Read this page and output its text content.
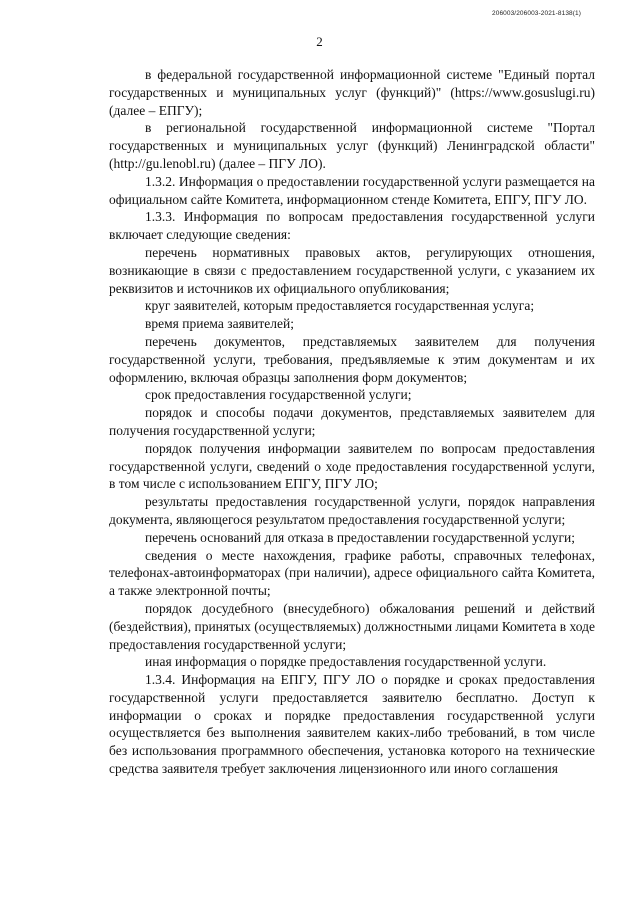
206003/206003-2021-8138(1)
2

в федеральной государственной информационной системе "Единый портал государственных и муниципальных услуг (функций)" (https://www.gosuslugi.ru) (далее – ЕПГУ);

в региональной государственной информационной системе "Портал государственных и муниципальных услуг (функций) Ленинградской области" (http://gu.lenobl.ru) (далее – ПГУ ЛО).

1.3.2. Информация о предоставлении государственной услуги размещается на официальном сайте Комитета, информационном стенде Комитета, ЕПГУ, ПГУ ЛО.

1.3.3. Информация по вопросам предоставления государственной услуги включает следующие сведения:

перечень нормативных правовых актов, регулирующих отношения, возникающие в связи с предоставлением государственной услуги, с указанием их реквизитов и источников их официального опубликования;

круг заявителей, которым предоставляется государственная услуга;

время приема заявителей;

перечень документов, представляемых заявителем для получения государственной услуги, требования, предъявляемые к этим документам и их оформлению, включая образцы заполнения форм документов;

срок предоставления государственной услуги;

порядок и способы подачи документов, представляемых заявителем для получения государственной услуги;

порядок получения информации заявителем по вопросам предоставления государственной услуги, сведений о ходе предоставления государственной услуги, в том числе с использованием ЕПГУ, ПГУ ЛО;

результаты предоставления государственной услуги, порядок направления документа, являющегося результатом предоставления государственной услуги;

перечень оснований для отказа в предоставлении государственной услуги;

сведения о месте нахождения, графике работы, справочных телефонах, телефонах-автоинформаторах (при наличии), адресе официального сайта Комитета, а также электронной почты;

порядок досудебного (внесудебного) обжалования решений и действий (бездействия), принятых (осуществляемых) должностными лицами Комитета в ходе предоставления государственной услуги;

иная информация о порядке предоставления государственной услуги.

1.3.4. Информация на ЕПГУ, ПГУ ЛО о порядке и сроках предоставления государственной услуги предоставляется заявителю бесплатно. Доступ к информации о сроках и порядке предоставления государственной услуги осуществляется без выполнения заявителем каких-либо требований, в том числе без использования программного обеспечения, установка которого на технические средства заявителя требует заключения лицензионного или иного соглашения
